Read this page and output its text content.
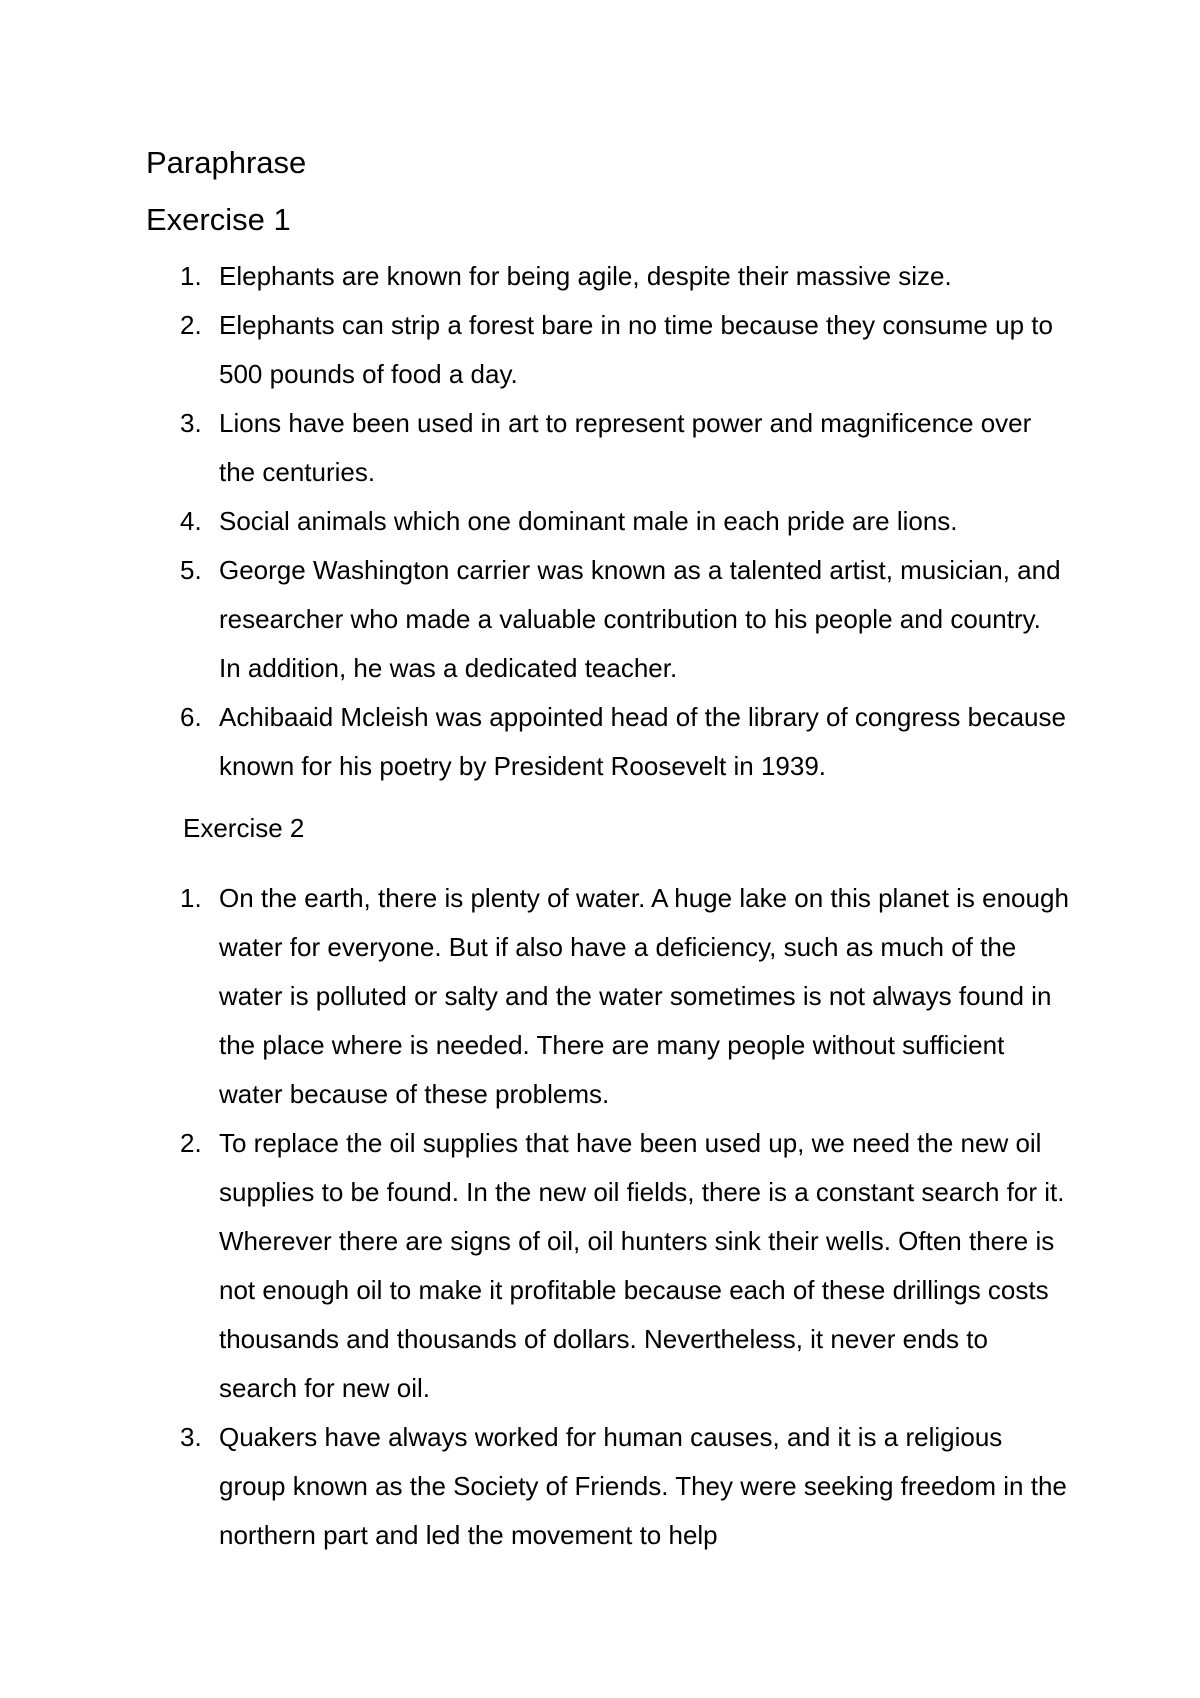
Paraphrase
Exercise 1
1. Elephants are known for being agile, despite their massive size.
2. Elephants can strip a forest bare in no time because they consume up to 500 pounds of food a day.
3. Lions have been used in art to represent power and magnificence over the centuries.
4. Social animals which one dominant male in each pride are lions.
5. George Washington carrier was known as a talented artist, musician, and researcher who made a valuable contribution to his people and country. In addition, he was a dedicated teacher.
6. Achibaaid Mcleish was appointed head of the library of congress because known for his poetry by President Roosevelt in 1939.
Exercise 2
1. On the earth, there is plenty of water. A huge lake on this planet is enough water for everyone. But if also have a deficiency, such as much of the water is polluted or salty and the water sometimes is not always found in the place where is needed. There are many people without sufficient water because of these problems.
2. To replace the oil supplies that have been used up, we need the new oil supplies to be found. In the new oil fields, there is a constant search for it. Wherever there are signs of oil, oil hunters sink their wells. Often there is not enough oil to make it profitable because each of these drillings costs thousands and thousands of dollars. Nevertheless, it never ends to search for new oil.
3. Quakers have always worked for human causes, and it is a religious group known as the Society of Friends. They were seeking freedom in the northern part and led the movement to help
